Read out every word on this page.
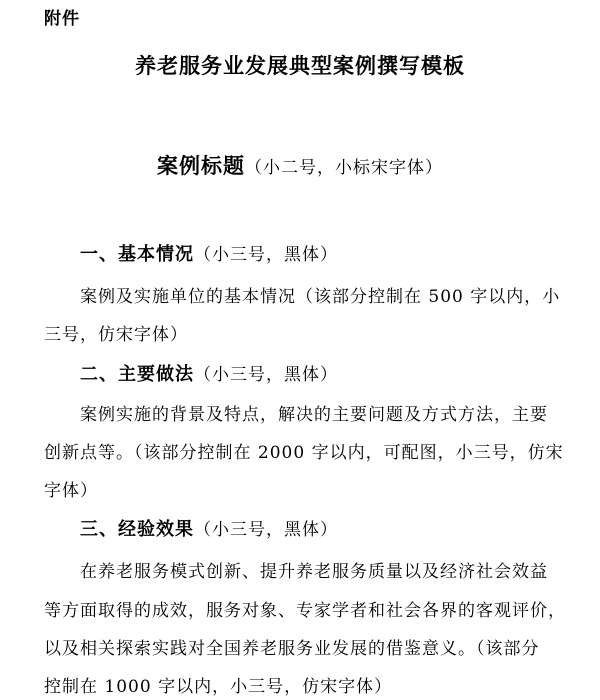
附件
养老服务业发展典型案例撰写模板
案例标题（小二号，小标宋字体）
一、基本情况（小三号，黑体）
案例及实施单位的基本情况（该部分控制在 500 字以内，小
三号，仿宋字体）
二、主要做法（小三号，黑体）
案例实施的背景及特点，解决的主要问题及方式方法，主要
创新点等。（该部分控制在 2000 字以内，可配图，小三号，仿宋
字体）
三、经验效果（小三号，黑体）
在养老服务模式创新、提升养老服务质量以及经济社会效益
等方面取得的成效，服务对象、专家学者和社会各界的客观评价，
以及相关探索实践对全国养老服务业发展的借鉴意义。（该部分
控制在 1000 字以内，小三号，仿宋字体）
